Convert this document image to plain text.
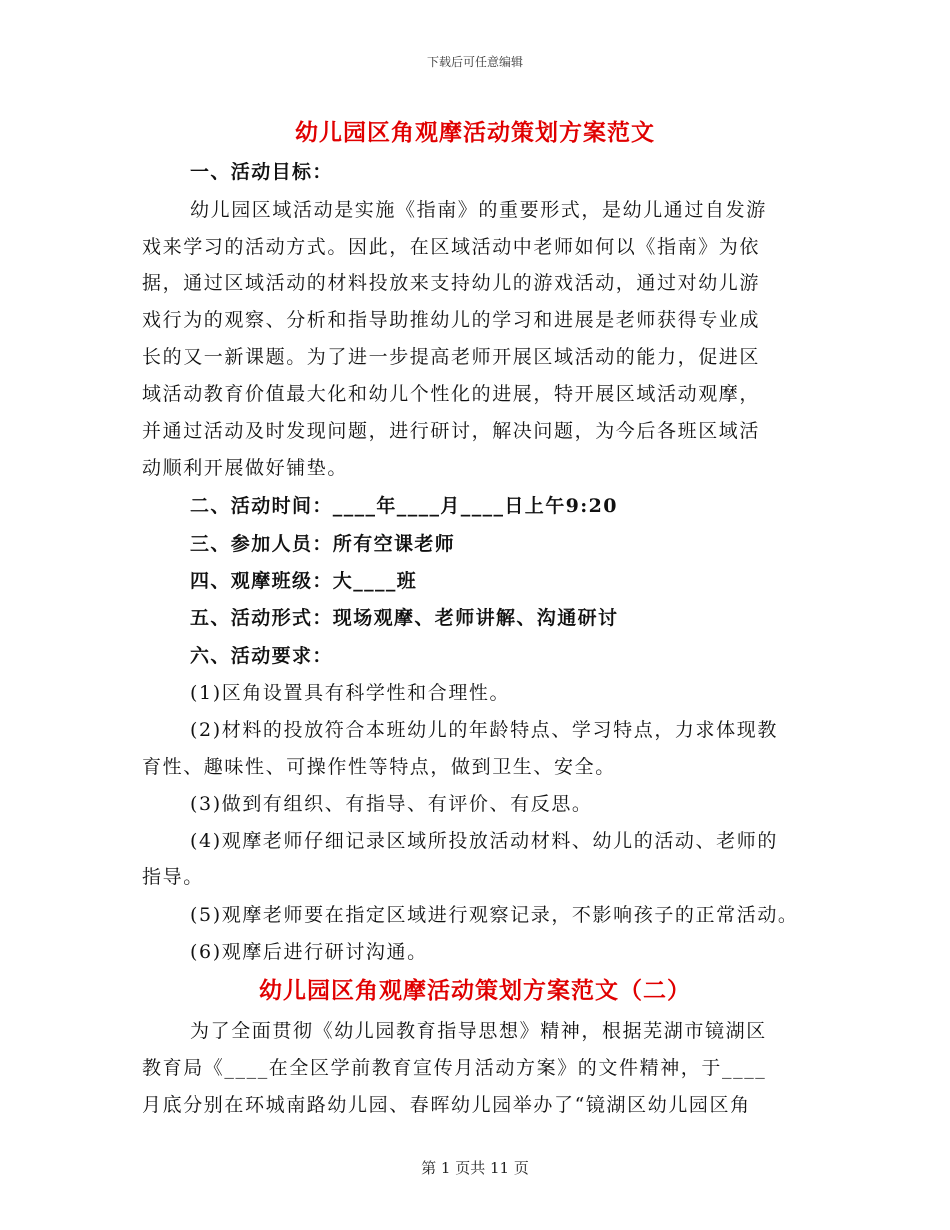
下载后可任意编辑
幼儿园区角观摩活动策划方案范文
一、活动目标：
幼儿园区域活动是实施《指南》的重要形式，是幼儿通过自发游
戏来学习的活动方式。因此，在区域活动中老师如何以《指南》为依
据，通过区域活动的材料投放来支持幼儿的游戏活动，通过对幼儿游
戏行为的观察、分析和指导助推幼儿的学习和进展是老师获得专业成
长的又一新课题。为了进一步提高老师开展区域活动的能力，促进区
域活动教育价值最大化和幼儿个性化的进展，特开展区域活动观摩，
并通过活动及时发现问题，进行研讨，解决问题，为今后各班区域活
动顺利开展做好铺垫。
二、活动时间：____年____月____日上午9:20
三、参加人员：所有空课老师
四、观摩班级：大____班
五、活动形式：现场观摩、老师讲解、沟通研讨
六、活动要求：
(1)区角设置具有科学性和合理性。
(2)材料的投放符合本班幼儿的年龄特点、学习特点，力求体现教
育性、趣味性、可操作性等特点，做到卫生、安全。
(3)做到有组织、有指导、有评价、有反思。
(4)观摩老师仔细记录区域所投放活动材料、幼儿的活动、老师的
指导。
(5)观摩老师要在指定区域进行观察记录，不影响孩子的正常活动。
(6)观摩后进行研讨沟通。
幼儿园区角观摩活动策划方案范文（二）
为了全面贯彻《幼儿园教育指导思想》精神，根据芜湖市镜湖区
教育局《____在全区学前教育宣传月活动方案》的文件精神，于____
月底分别在环城南路幼儿园、春晖幼儿园举办了“镜湖区幼儿园区角
第 1 页共 11 页
